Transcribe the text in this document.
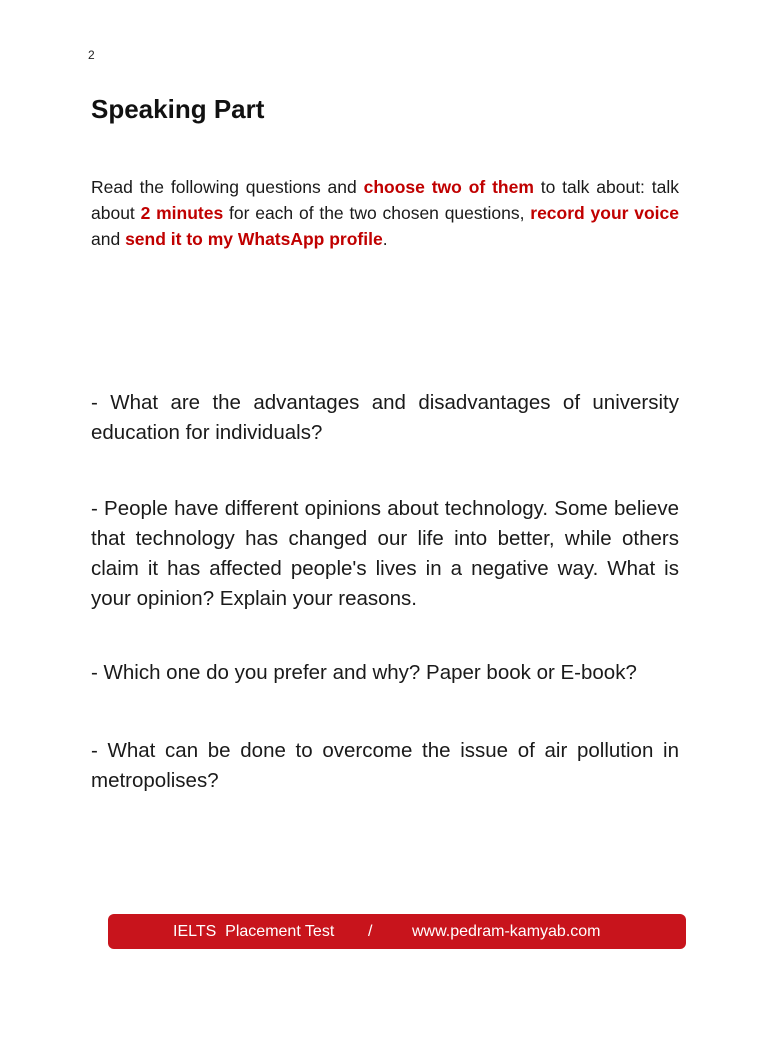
2
Speaking Part

Read the following questions and choose two of them to talk about: talk about 2 minutes for each of the two chosen questions, record your voice and send it to my WhatsApp profile.

- What are the advantages and disadvantages of university education for individuals?

- People have different opinions about technology. Some believe that technology has changed our life into better, while others claim it has affected people's lives in a negative way. What is your opinion? Explain your reasons.

- Which one do you prefer and why? Paper book or E-book?

- What can be done to overcome the issue of air pollution in metropolises?

IELTS  Placement Test

/

www.pedram-kamyab.com
